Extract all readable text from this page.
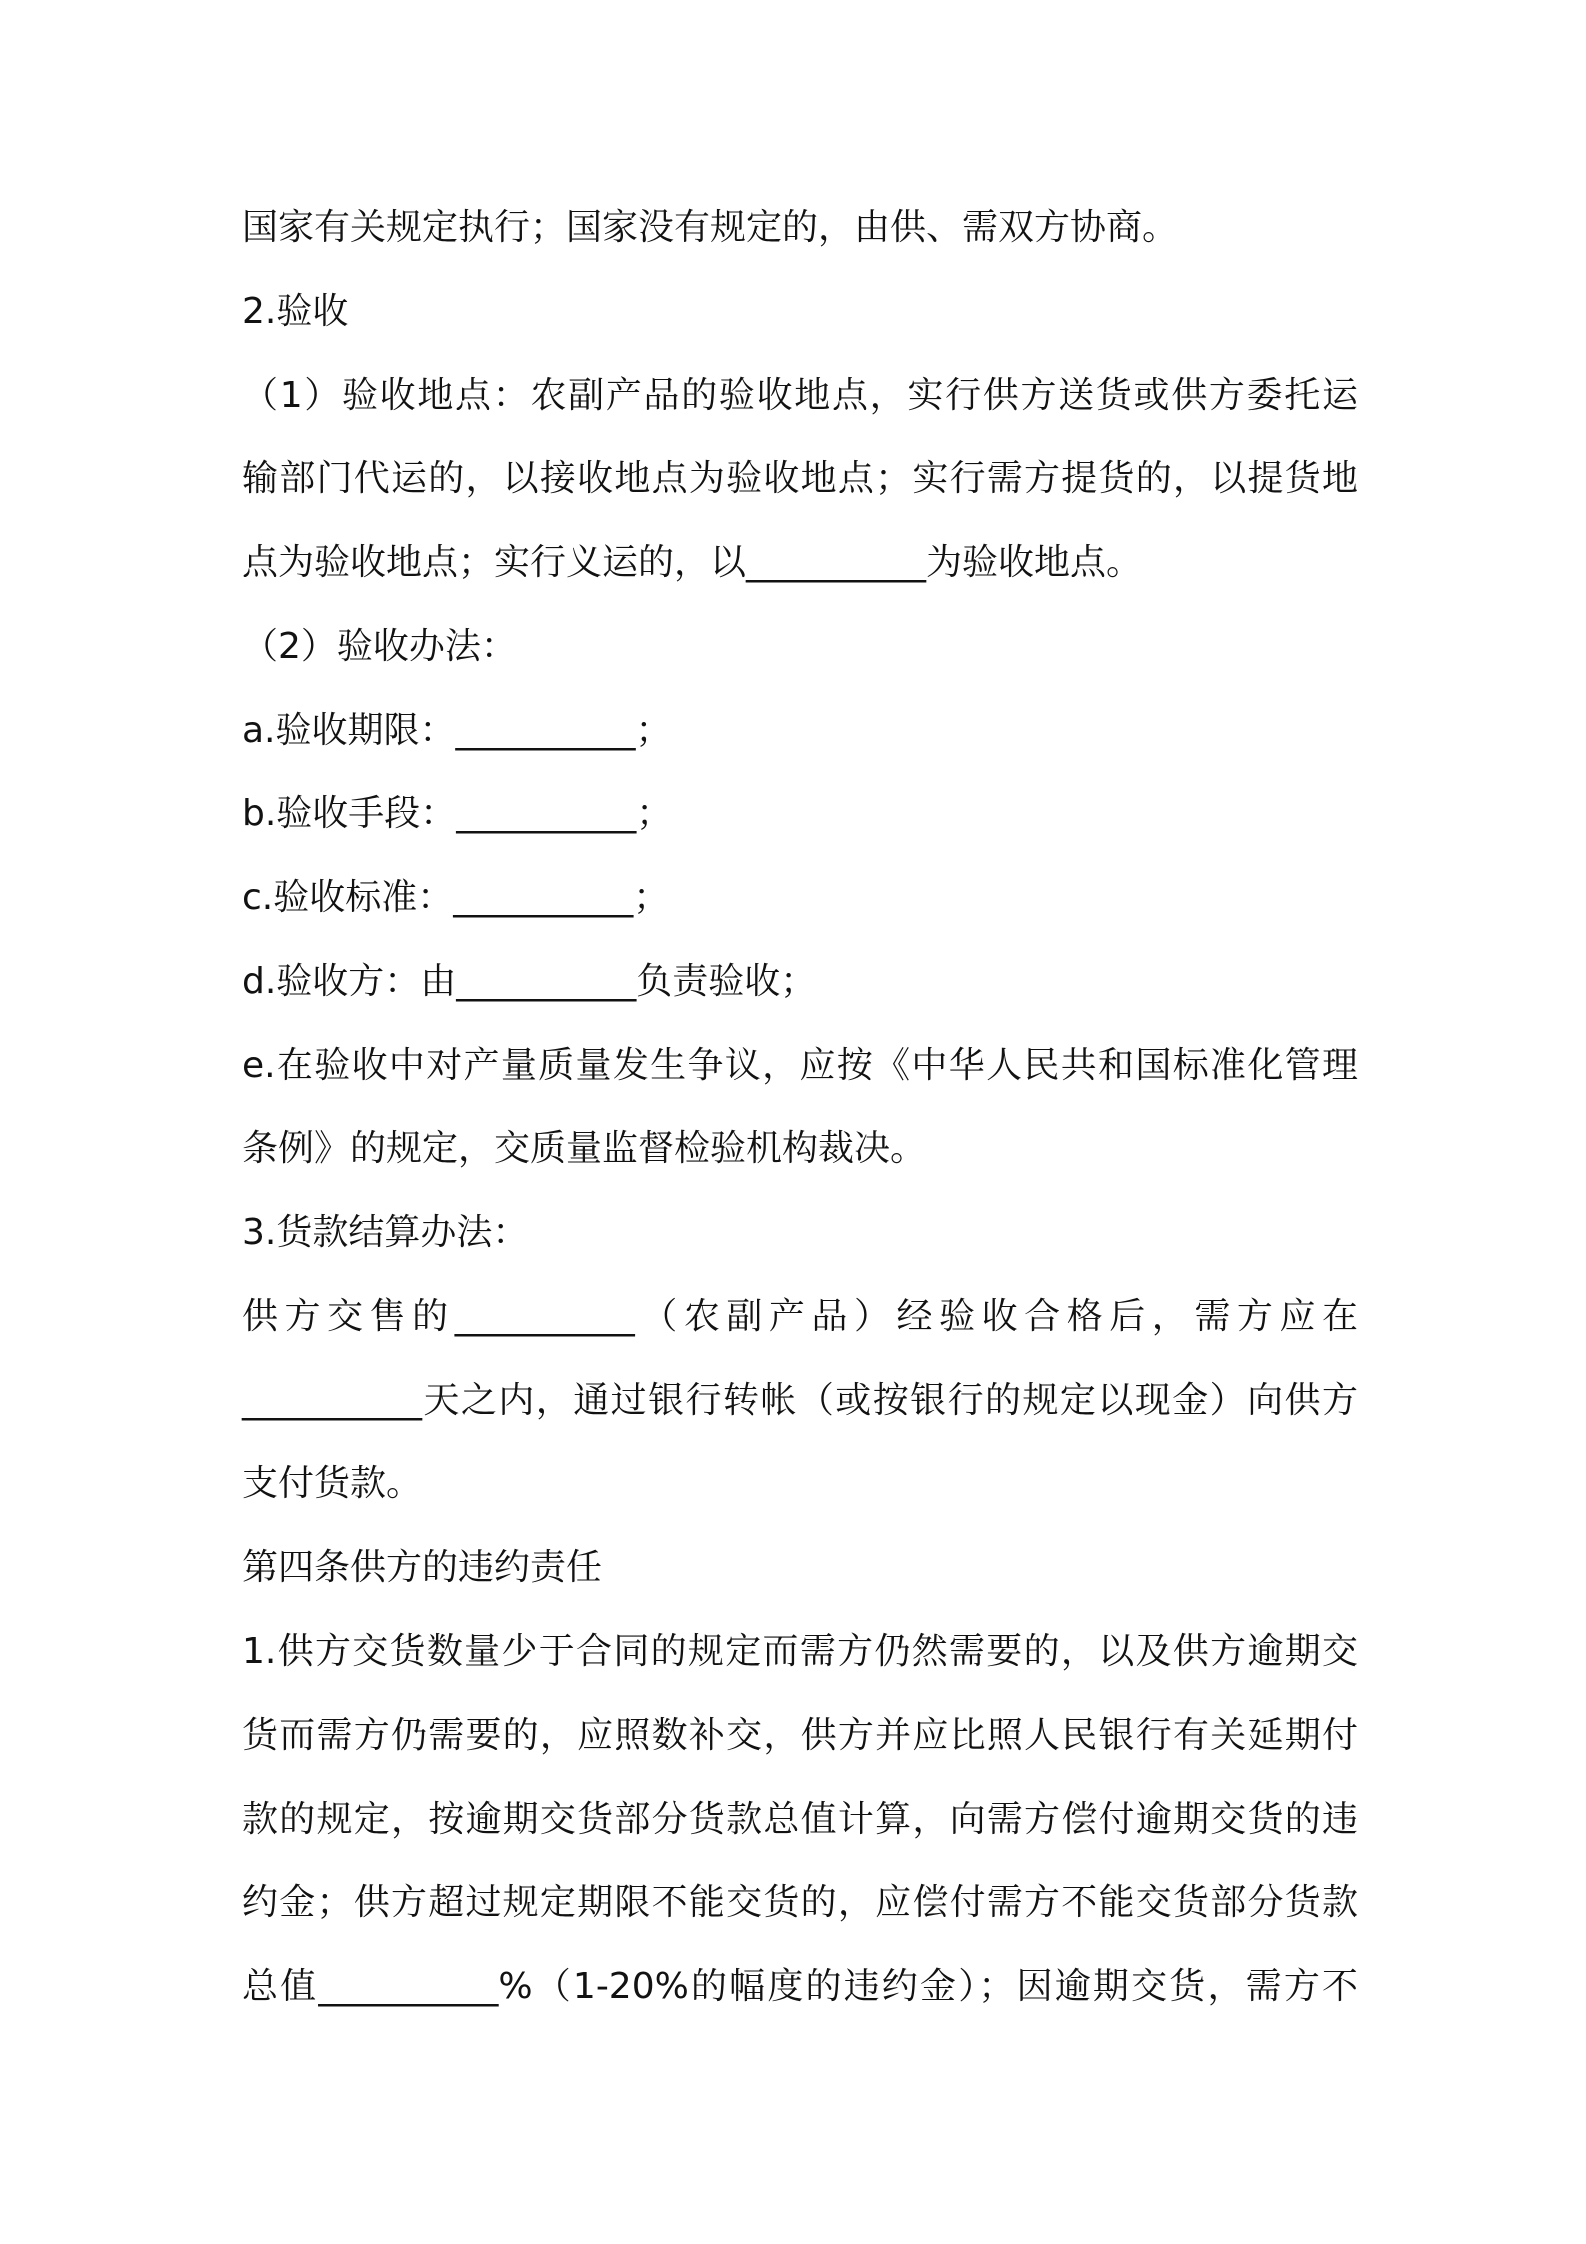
国家有关规定执行；国家没有规定的，由供、需双方协商。
2.验收
（1）验收地点：农副产品的验收地点，实行供方送货或供方委托运
输部门代运的，以接收地点为验收地点；实行需方提货的，以提货地
点为验收地点；实行义运的，以__________为验收地点。
（2）验收办法：
a.验收期限：__________；
b.验收手段：__________；
c.验收标准：__________；
d.验收方：由__________负责验收；
e.在验收中对产量质量发生争议，应按《中华人民共和国标准化管理
条例》的规定，交质量监督检验机构裁决。
3.货款结算办法：
供方交售的__________（农副产品）经验收合格后，需方应在
__________天之内，通过银行转帐（或按银行的规定以现金）向供方
支付货款。
第四条供方的违约责任
1.供方交货数量少于合同的规定而需方仍然需要的，以及供方逾期交
货而需方仍需要的，应照数补交，供方并应比照人民银行有关延期付
款的规定，按逾期交货部分货款总值计算，向需方偿付逾期交货的违
约金；供方超过规定期限不能交货的，应偿付需方不能交货部分货款
总值__________%（1-20%的幅度的违约金）；因逾期交货，需方不
